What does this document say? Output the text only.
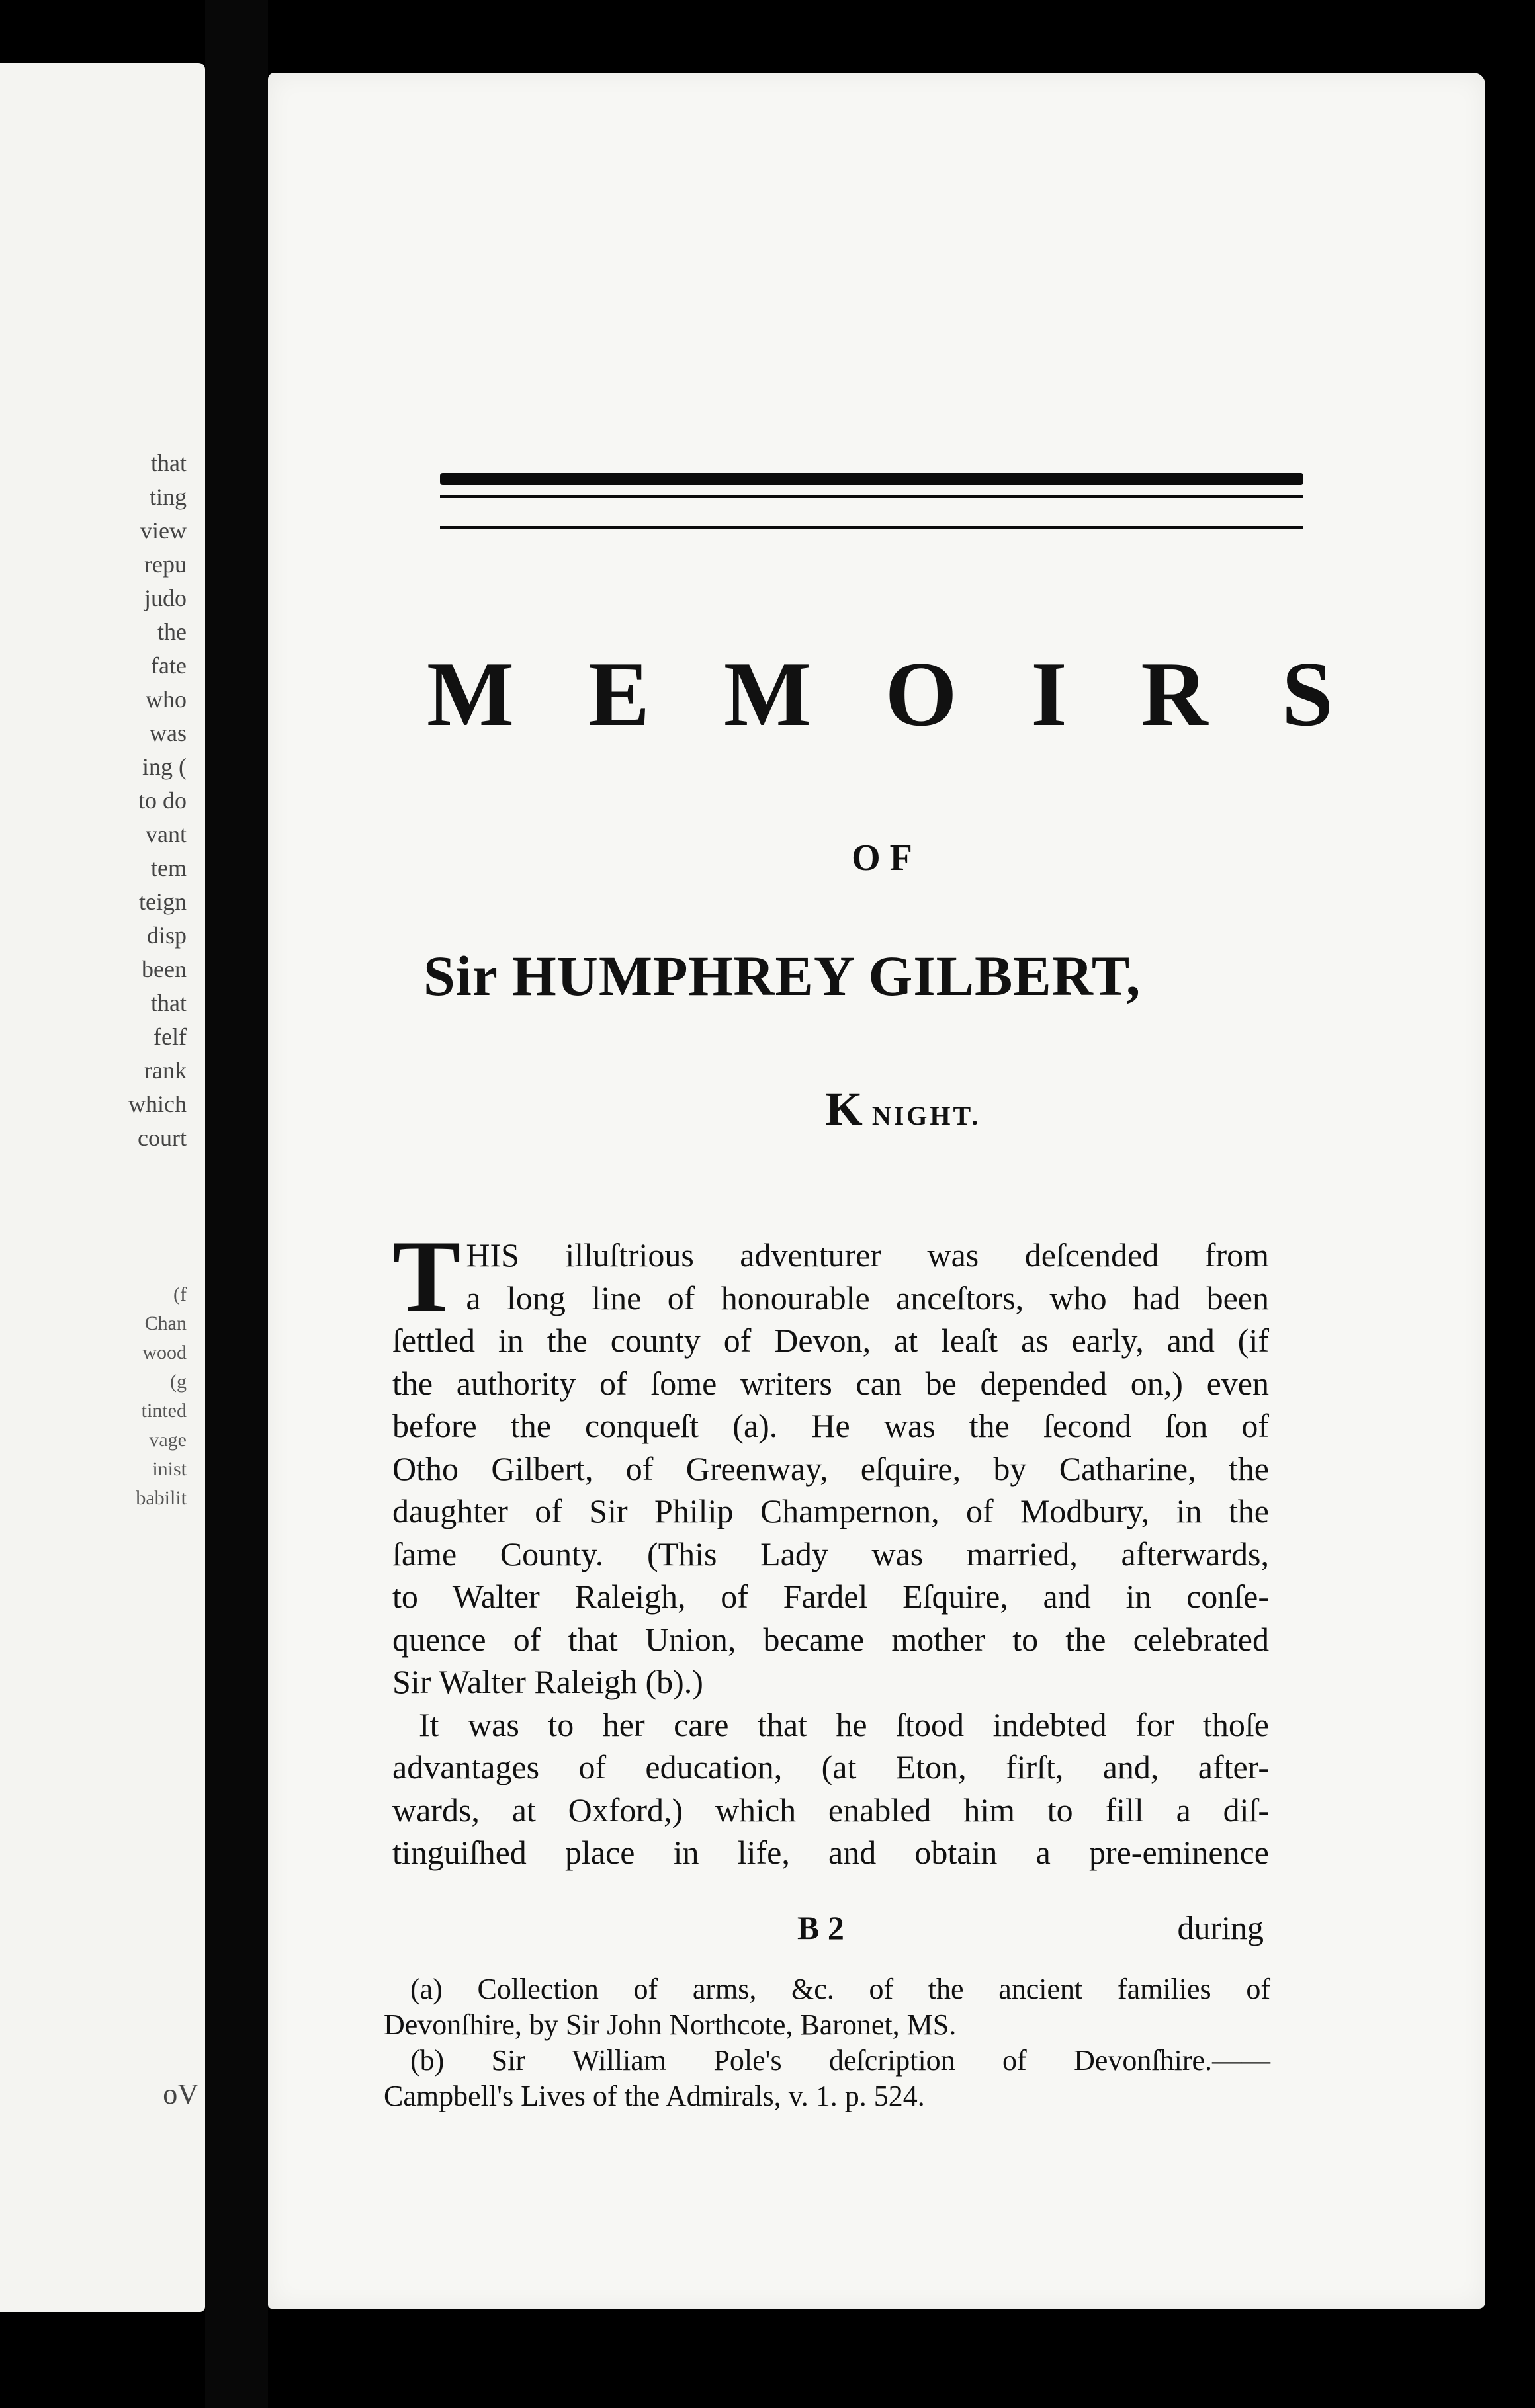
that
ting
view
repu
judo
the
fate
who
was
ing (
to do
vant
tem
teign
disp
been
that
felf
rank
which
court
(f
Chan
wood
(g
tinted
vage
inist
babilit
oV
M E M O I R S
OF
Sir HUMPHREY GILBERT,
KNIGHT.
T HIS illuſtrious adventurer was deſcended from
a long line of honourable anceſtors, who had been
ſettled in the county of Devon, at leaſt as early, and (if
the authority of ſome writers can be depended on,) even
before the conqueſt (a). He was the ſecond ſon of
Otho Gilbert, of Greenway, eſquire, by Catharine, the
daughter of Sir Philip Champernon, of Modbury, in the
ſame County. (This Lady was married, afterwards,
to Walter Raleigh, of Fardel Eſquire, and in conſe-
quence of that Union, became mother to the celebrated
Sir Walter Raleigh (b).)
It was to her care that he ſtood indebted for thoſe
advantages of education, (at Eton, firſt, and, after-
wards, at Oxford,) which enabled him to fill a diſ-
tinguiſhed place in life, and obtain a pre-eminence
B 2	during
(a) Collection of arms, &c. of the ancient families of
Devonſhire, by Sir John Northcote, Baronet, MS.
(b) Sir William Pole's deſcription of Devonſhire.——
Campbell's Lives of the Admirals, v. 1. p. 524.
